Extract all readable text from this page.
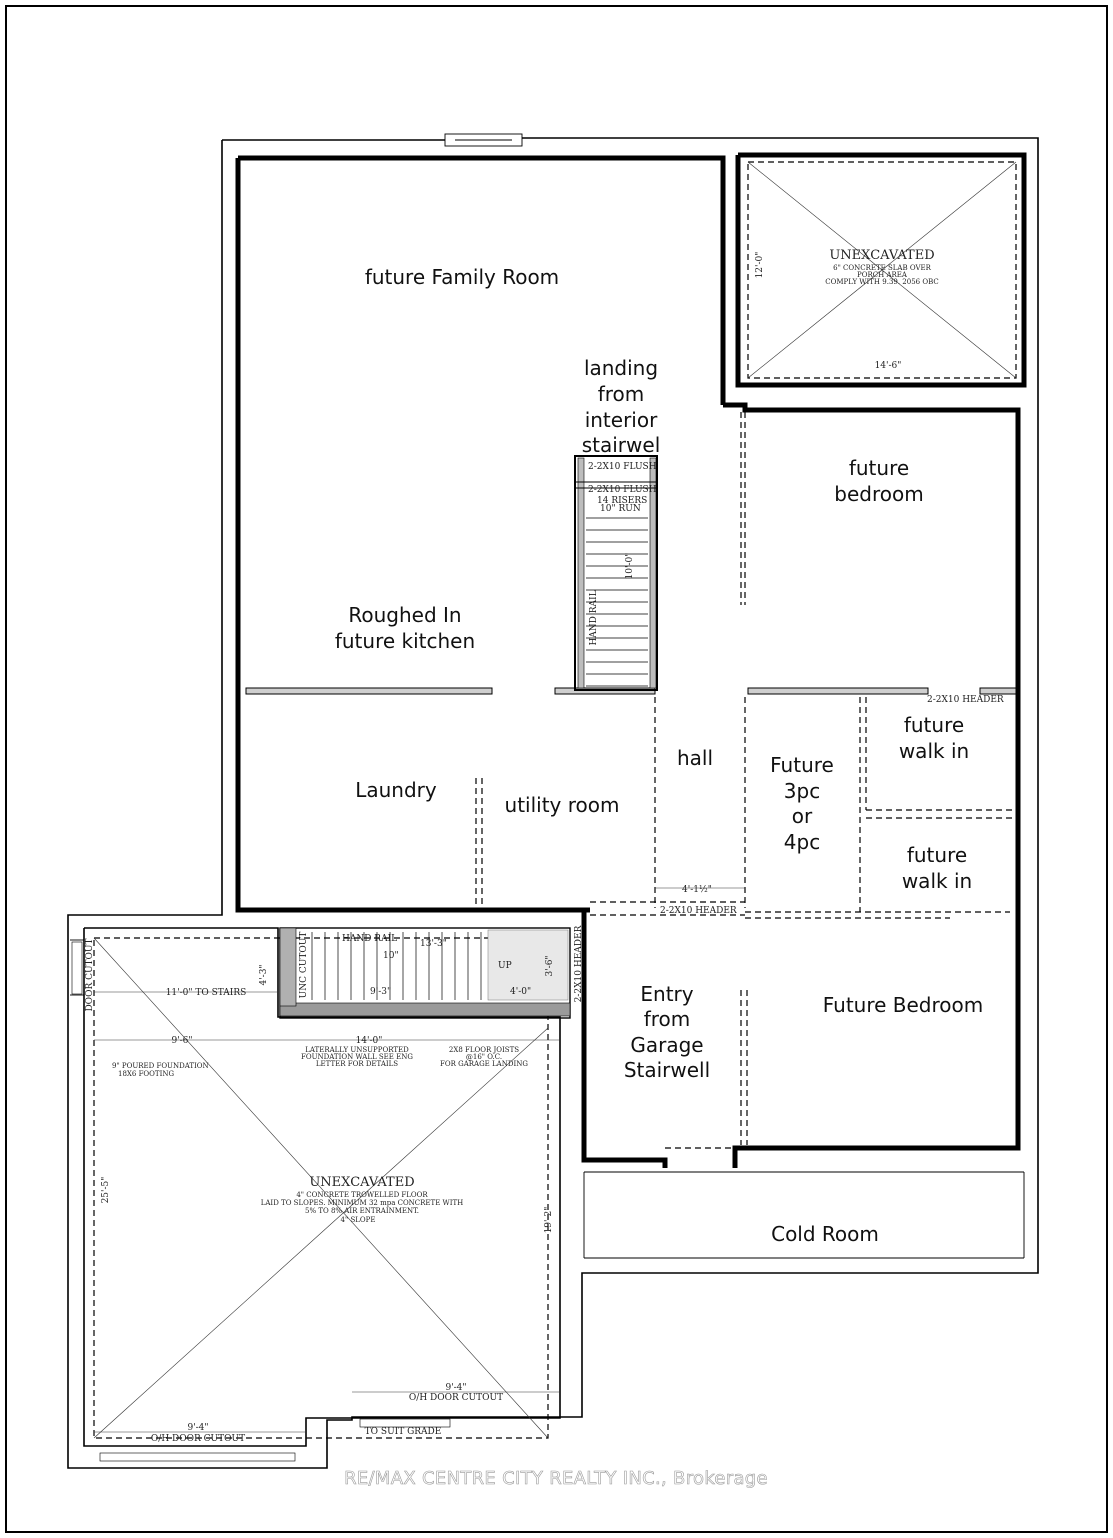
UNEXCAVATED
6" CONCRETE SLAB OVER
PORCH AREA
COMPLY WITH 9.39. 2056 OBC
14'-6"
12'-0"
2-2X10 HEADER
2-2X10 HEADER
4'-1½"
2-2X10 FLUSH
2-2X10 FLUSH
14 RISERS
10" RUN
10'-0"
HAND RAIL
DOOR CUTOUT
UNEXCAVATED
4" CONCRETE TROWELLED FLOOR
LAID TO SLOPES. MINIMUM 32 mpa CONCRETE WITH
5% TO 8% AIR ENTRAINMENT.
4" SLOPE
9" POURED FOUNDATION
18X6 FOOTING
LATERALLY UNSUPPORTED
FOUNDATION WALL SEE ENG
LETTER FOR DETAILS
2X8 FLOOR JOISTS
@16" O.C.
FOR GARAGE LANDING
11'-0" TO STAIRS
9'-6"	14'-0"
25'-5"
19'-2"
9'-4"
O/H DOOR CUTOUT
9'-4"
O/H DOOR CUTOUT
TO SUIT GRADE
HAND RAIL	13'-3"
10"
9'-3"	4'-0"
3'-6"
4'-3"	UP
UNC CUTOUT	2-2X10 HEADER
future Family Room
landing
from
interior
stairwel
future
bedroom
Roughed In
future kitchen
Laundry
utility room
hall	Future
3pc
or
4pc
future
walk in
future
walk in
Entry
from
Garage
Stairwell
Future Bedroom
Cold Room
RE/MAX CENTRE CITY REALTY INC., Brokerage
